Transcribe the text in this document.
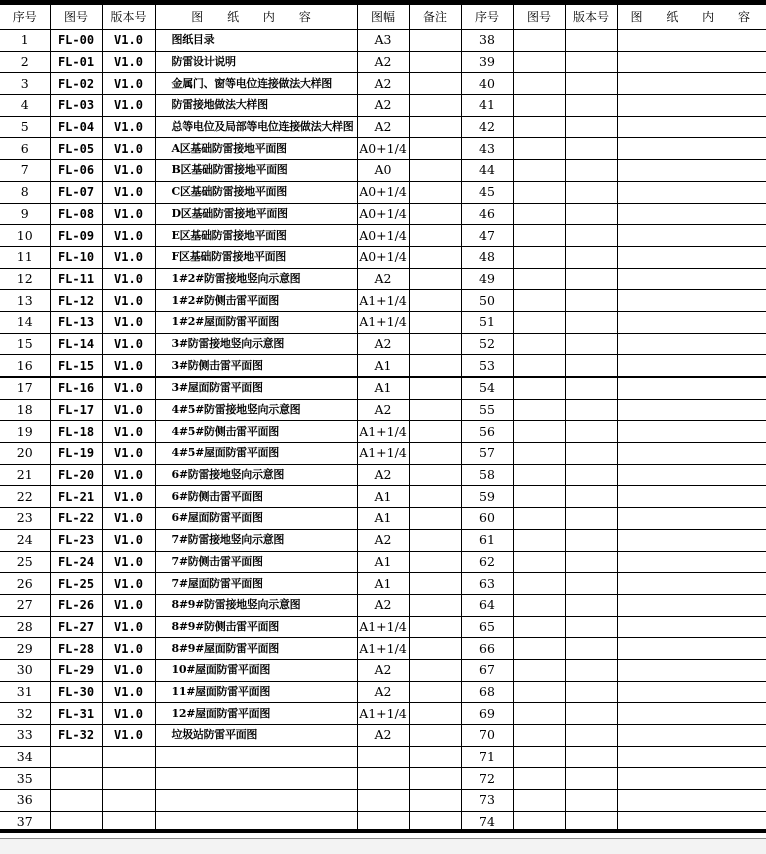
序号	图号	版本号	图 纸 内 容	图幅	备注	序号	图号	版本号	图 纸 内 容
1	FL-00	V1.0	图纸目录	A3		38			
2	FL-01	V1.0	防雷设计说明	A2		39			
3	FL-02	V1.0	金属门、窗等电位连接做法大样图	A2		40			
4	FL-03	V1.0	防雷接地做法大样图	A2		41			
5	FL-04	V1.0	总等电位及局部等电位连接做法大样图	A2		42			
6	FL-05	V1.0	A区基础防雷接地平面图	A0+1/4		43			
7	FL-06	V1.0	B区基础防雷接地平面图	A0		44			
8	FL-07	V1.0	C区基础防雷接地平面图	A0+1/4		45			
9	FL-08	V1.0	D区基础防雷接地平面图	A0+1/4		46			
10	FL-09	V1.0	E区基础防雷接地平面图	A0+1/4		47			
11	FL-10	V1.0	F区基础防雷接地平面图	A0+1/4		48			
12	FL-11	V1.0	1#2#防雷接地竖向示意图	A2		49			
13	FL-12	V1.0	1#2#防侧击雷平面图	A1+1/4		50			
14	FL-13	V1.0	1#2#屋面防雷平面图	A1+1/4		51			
15	FL-14	V1.0	3#防雷接地竖向示意图	A2		52			
16	FL-15	V1.0	3#防侧击雷平面图	A1		53			
17	FL-16	V1.0	3#屋面防雷平面图	A1		54			
18	FL-17	V1.0	4#5#防雷接地竖向示意图	A2		55			
19	FL-18	V1.0	4#5#防侧击雷平面图	A1+1/4		56			
20	FL-19	V1.0	4#5#屋面防雷平面图	A1+1/4		57			
21	FL-20	V1.0	6#防雷接地竖向示意图	A2		58			
22	FL-21	V1.0	6#防侧击雷平面图	A1		59			
23	FL-22	V1.0	6#屋面防雷平面图	A1		60			
24	FL-23	V1.0	7#防雷接地竖向示意图	A2		61			
25	FL-24	V1.0	7#防侧击雷平面图	A1		62			
26	FL-25	V1.0	7#屋面防雷平面图	A1		63			
27	FL-26	V1.0	8#9#防雷接地竖向示意图	A2		64			
28	FL-27	V1.0	8#9#防侧击雷平面图	A1+1/4		65			
29	FL-28	V1.0	8#9#屋面防雷平面图	A1+1/4		66			
30	FL-29	V1.0	10#屋面防雷平面图	A2		67			
31	FL-30	V1.0	11#屋面防雷平面图	A2		68			
32	FL-31	V1.0	12#屋面防雷平面图	A1+1/4		69			
33	FL-32	V1.0	垃圾站防雷平面图	A2		70			
34						71			
35						72			
36						73			
37						74			
